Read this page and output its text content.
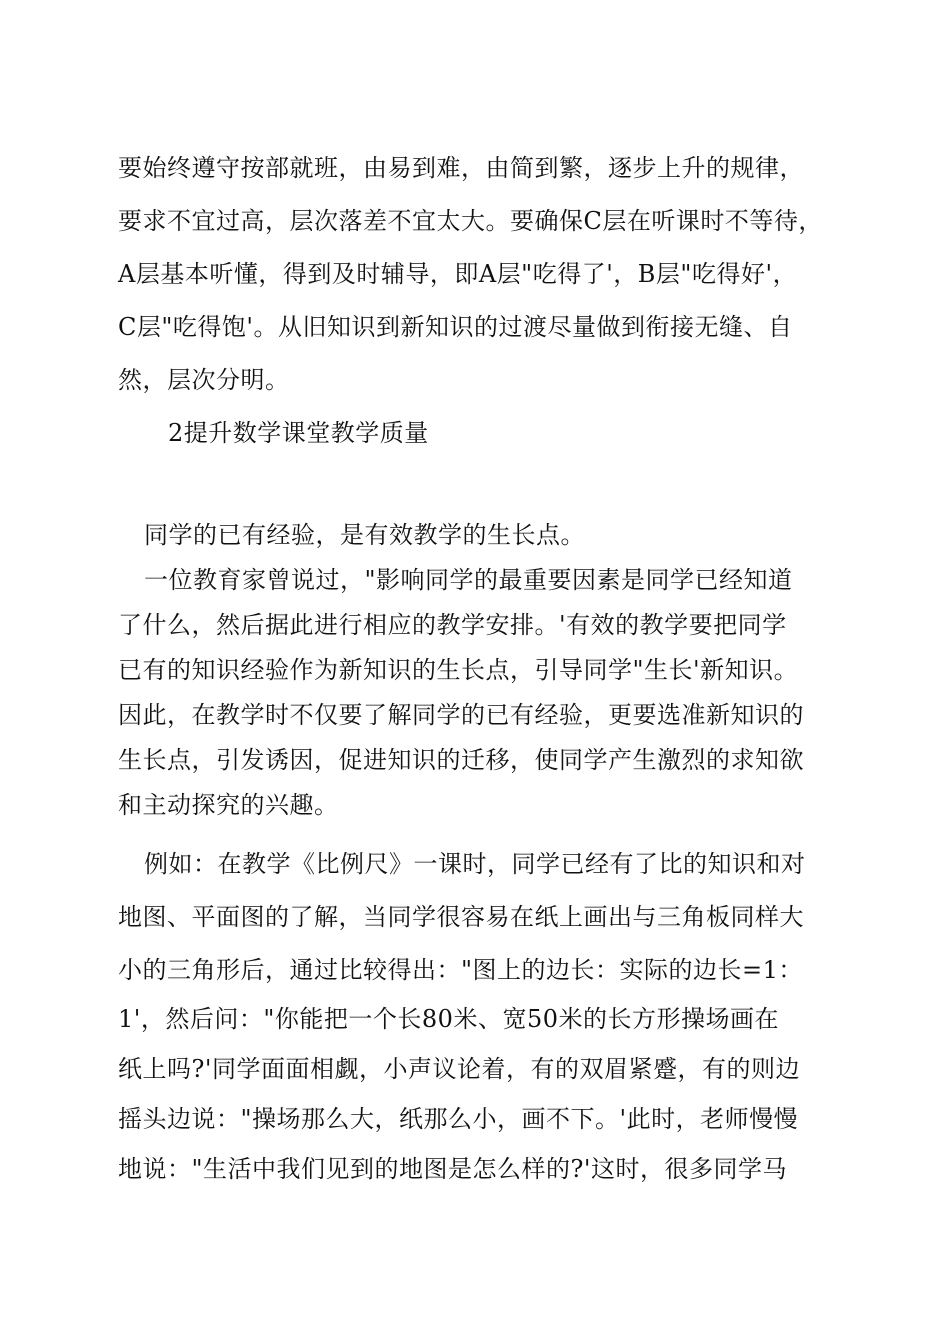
要始终遵守按部就班，由易到难，由简到繁，逐步上升的规律，
要求不宜过高，层次落差不宜太大。要确保C层在听课时不等待，
A层基本听懂，得到及时辅导，即A层"吃得了'，B层"吃得好'，
C层"吃得饱'。从旧知识到新知识的过渡尽量做到衔接无缝、自
然，层次分明。
2提升数学课堂教学质量
同学的已有经验，是有效教学的生长点。
一位教育家曾说过，"影响同学的最重要因素是同学已经知道
了什么，然后据此进行相应的教学安排。'有效的教学要把同学
已有的知识经验作为新知识的生长点，引导同学"生长'新知识。
因此，在教学时不仅要了解同学的已有经验，更要选准新知识的
生长点，引发诱因，促进知识的迁移，使同学产生激烈的求知欲
和主动探究的兴趣。
例如：在教学《比例尺》一课时，同学已经有了比的知识和对
地图、平面图的了解，当同学很容易在纸上画出与三角板同样大
小的三角形后，通过比较得出："图上的边长：实际的边长=1：
1'，然后问："你能把一个长80米、宽50米的长方形操场画在
纸上吗?'同学面面相觑，小声议论着，有的双眉紧蹙，有的则边
摇头边说："操场那么大，纸那么小，画不下。'此时，老师慢慢
地说："生活中我们见到的地图是怎么样的?'这时，很多同学马
